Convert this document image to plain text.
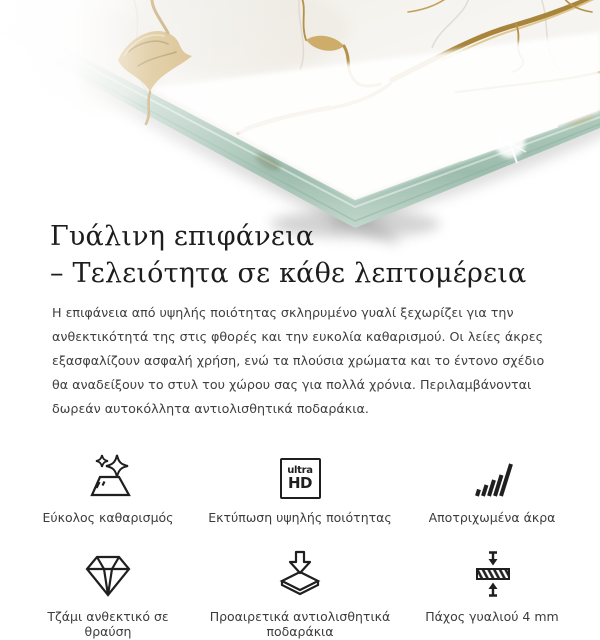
Γυάλινη επιφάνεια
– Τελειότητα σε κάθε λεπτομέρεια

Η επιφάνεια από υψηλής ποιότητας σκληρυμένο γυαλί ξεχωρίζει για την ανθεκτικότητά της στις φθορές και την ευκολία καθαρισμού. Οι λείες άκρες εξασφαλίζουν ασφαλή χρήση, ενώ τα πλούσια χρώματα και το έντονο σχέδιο θα αναδείξουν το στυλ του χώρου σας για πολλά χρόνια. Περιλαμβάνονται δωρεάν αυτοκόλλητα αντιολισθητικά ποδαράκια.

Εύκολος καθαρισμός
ultra
HD
Εκτύπωση υψηλής ποιότητας	Αποτριχωμένα άκρα
Τζάμι ανθεκτικό σε θραύση
Προαιρετικά αντιολισθητικά ποδαράκια
Πάχος γυαλιού 4 mm
